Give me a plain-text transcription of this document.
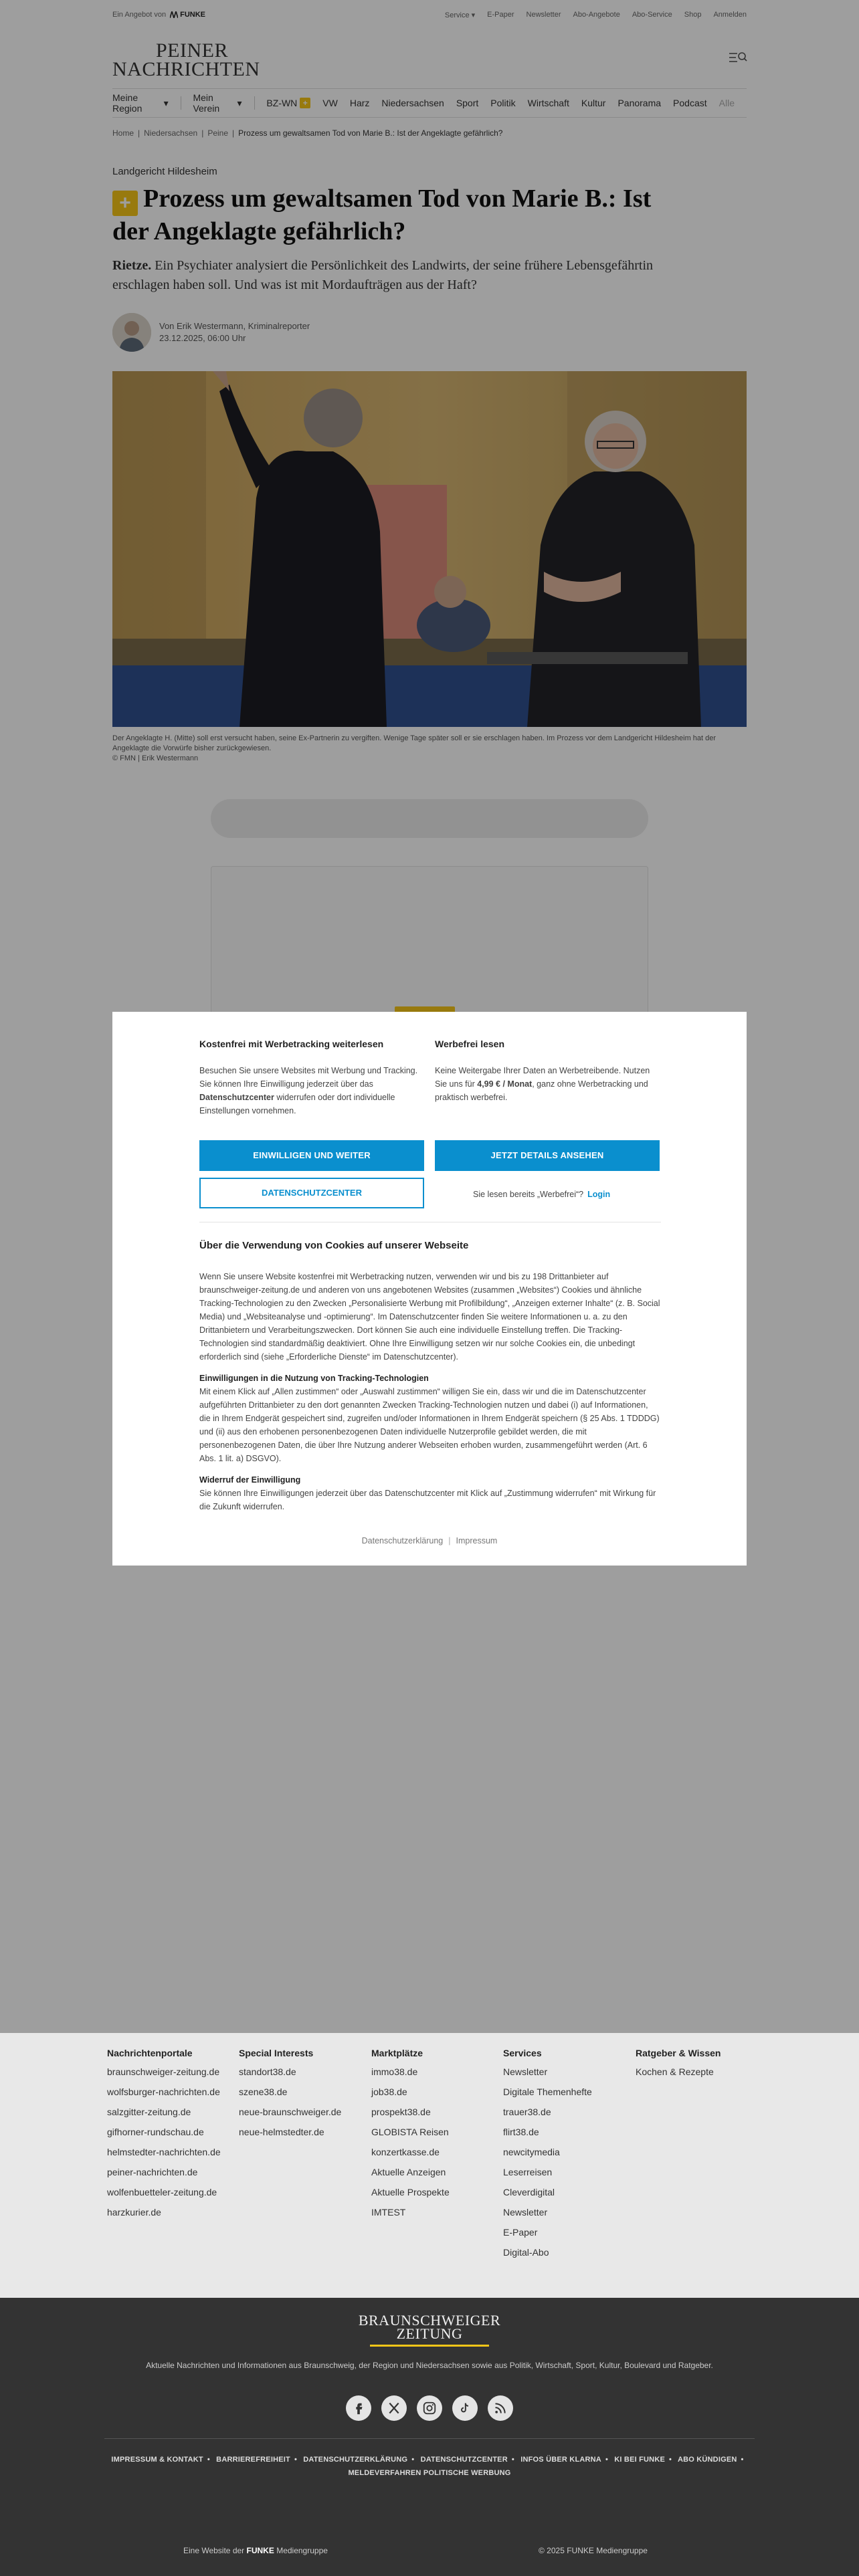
Ein Angebot von FUNKE	Service ▾ E-Paper Newsletter Abo-Angebote Abo-Service Shop Anmelden
PEINER
NACHRICHTEN
Meine Region
▾	Mein Verein
▾	BZ-WN +	VW Harz Niedersachsen Sport Politik Wirtschaft Kultur Panorama Podcast Alle
Home | Niedersachsen | Peine | Prozess um gewaltsamen Tod von Marie B.: Ist der Angeklagte gefährlich?
Landgericht Hildesheim
+ Prozess um gewaltsamen Tod von Marie B.: Ist der Angeklagte gefährlich?

Rietze. Ein Psychiater analysiert die Persönlichkeit des Landwirts, der seine frühere Lebensgefährtin erschlagen haben soll. Und was ist mit Mordaufträgen aus der Haft?

Von Erik Westermann, Kriminalreporter
23.12.2025, 06:00 Uhr
Der Angeklagte H. (Mitte) soll erst versucht haben, seine Ex-Partnerin zu vergiften. Wenige Tage später soll er sie erschlagen haben. Im Prozess vor dem Landgericht Hildesheim hat der Angeklagte die Vorwürfe bisher zurückgewiesen.
© FMN | Erik Westermann
Kostenfrei mit Werbetracking weiterlesen

Besuchen Sie unsere Websites mit Werbung und Tracking. Sie können Ihre Einwilligung jederzeit über das Datenschutzcenter widerrufen oder dort individuelle Einstellungen vornehmen.

Werbefrei lesen

Keine Weitergabe Ihrer Daten an Werbetreibende. Nutzen Sie uns für 4,99 € / Monat, ganz ohne Werbetracking und praktisch werbefrei.

EINWILLIGEN UND WEITER	JETZT DETAILS ANSEHEN
DATENSCHUTZCENTER	Sie lesen bereits „Werbefrei“? Login
Über die Verwendung von Cookies auf unserer Webseite

Wenn Sie unsere Website kostenfrei mit Werbetracking nutzen, verwenden wir und bis zu 198 Drittanbieter auf braunschweiger-zeitung.de und anderen von uns angebotenen Websites (zusammen „Websites“) Cookies und ähnliche Tracking-Technologien zu den Zwecken „Personalisierte Werbung mit Profilbildung“, „Anzeigen externer Inhalte“ (z. B. Social Media) und „Websiteanalyse und -optimierung“. Im Datenschutzcenter finden Sie weitere Informationen u. a. zu den Drittanbietern und Verarbeitungszwecken. Dort können Sie auch eine individuelle Einstellung treffen. Die Tracking-Technologien sind standardmäßig deaktiviert. Ohne Ihre Einwilligung setzen wir nur solche Cookies ein, die unbedingt erforderlich sind (siehe „Erforderliche Dienste“ im Datenschutzcenter).

Einwilligungen in die Nutzung von Tracking-Technologien

Mit einem Klick auf „Allen zustimmen“ oder „Auswahl zustimmen“ willigen Sie ein, dass wir und die im Datenschutzcenter aufgeführten Drittanbieter zu den dort genannten Zwecken Tracking-Technologien nutzen und dabei (i) auf Informationen, die in Ihrem Endgerät gespeichert sind, zugreifen und/oder Informationen in Ihrem Endgerät speichern (§ 25 Abs. 1 TDDDG) und (ii) aus den erhobenen personenbezogenen Daten individuelle Nutzerprofile gebildet werden, die mit personenbezogenen Daten, die über Ihre Nutzung anderer Webseiten erhoben wurden, zusammengeführt werden (Art. 6 Abs. 1 lit. a) DSGVO).

Widerruf der Einwilligung

Sie können Ihre Einwilligungen jederzeit über das Datenschutzcenter mit Klick auf „Zustimmung widerrufen“ mit Wirkung für die Zukunft widerrufen.

Datenschutzerklärung | Impressum
Nachrichtenportale
braunschweiger-zeitung.de
wolfsburger-nachrichten.de
salzgitter-zeitung.de
gifhorner-rundschau.de
helmstedter-nachrichten.de
peiner-nachrichten.de
wolfenbuetteler-zeitung.de
harzkurier.de
Special Interests
standort38.de
szene38.de
neue-braunschweiger.de
neue-helmstedter.de
Marktplätze
immo38.de
job38.de
prospekt38.de
GLOBISTA Reisen
konzertkasse.de
Aktuelle Anzeigen
Aktuelle Prospekte
IMTEST
Services
Newsletter
Digitale Themenhefte
trauer38.de
flirt38.de
newcitymedia
Leserreisen
Cleverdigital
Newsletter
E-Paper
Digital-Abo
Ratgeber & Wissen
Kochen & Rezepte
BRAUNSCHWEIGER
ZEITUNG
Aktuelle Nachrichten und Informationen aus Braunschweig, der Region und Niedersachsen sowie aus Politik, Wirtschaft, Sport, Kultur, Boulevard und Ratgeber.
IMPRESSUM & KONTAKT • BARRIEREFREIHEIT • DATENSCHUTZERKLÄRUNG • DATENSCHUTZCENTER • INFOS ÜBER KLARNA • KI BEI FUNKE • ABO KÜNDIGEN •
MELDEVERFAHREN POLITISCHE WERBUNG
Eine Website der FUNKE Mediengruppe	© 2025 FUNKE Mediengruppe
